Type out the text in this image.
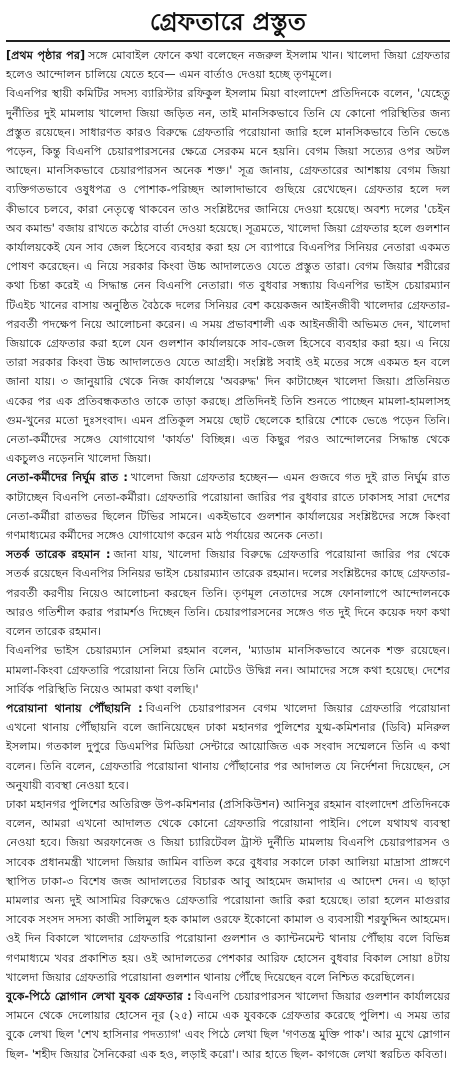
গ্রেফতারে প্রস্তুত

[প্রথম পৃষ্ঠার পর] সঙ্গে মোবাইল ফোনে কথা বলেছেন নজরুল ইসলাম খান। খালেদা জিয়া গ্রেফতার হলেও আন্দোলন চালিয়ে যেতে হবে— এমন বার্তাও দেওয়া হচ্ছে তৃণমূলে।

বিএনপির স্থায়ী কমিটির সদস্য ব্যারিস্টার রফিকুল ইসলাম মিয়া বাংলাদেশ প্রতিদিনকে বলেন, 'যেহেতু দুর্নীতির দুই মামলায় খালেদা জিয়া জড়িত নন, তাই মানসিকভাবে তিনি যে কোনো পরিস্থিতির জন্য প্রস্তুত রয়েছেন। সাধারণত কারও বিরুদ্ধে গ্রেফতারি পরোয়ানা জারি হলে মানসিকভাবে তিনি ভেঙে পড়েন, কিন্তু বিএনপি চেয়ারপারসনের ক্ষেত্রে সেরকম মনে হয়নি। বেগম জিয়া সত্যের ওপর অটল আছেন। মানসিকভাবে চেয়ারপারসন অনেক শক্ত।' সূত্র জানায়, গ্রেফতারের আশঙ্কায় বেগম জিয়া ব্যক্তিগতভাবে ওষুধপত্র ও পোশাক-পরিচ্ছদ আলাদাভাবে গুছিয়ে রেখেছেন। গ্রেফতার হলে দল কীভাবে চলবে, কারা নেতৃত্বে থাকবেন তাও সংশ্লিষ্টদের জানিয়ে দেওয়া হয়েছে। অবশ্য দলের 'চেইন অব কমান্ড' বজায় রাখতে কঠোর বার্তা দেওয়া হয়েছে। সূত্রমতে, খালেদা জিয়া গ্রেফতার হলে গুলশান কার্যালয়কেই যেন সাব জেল হিসেবে ব্যবহার করা হয় সে ব্যাপারে বিএনপির সিনিয়র নেতারা একমত পোষণ করেছেন। এ নিয়ে সরকার কিংবা উচ্চ আদালতেও যেতে প্রস্তুত তারা। বেগম জিয়ার শরীরের কথা চিন্তা করেই এ সিদ্ধান্ত নেন বিএনপি নেতারা। গত বুধবার সন্ধ্যায় বিএনপির ভাইস চেয়ারম্যান টিএইচ খানের বাসায় অনুষ্ঠিত বৈঠকে দলের সিনিয়র বেশ কয়েকজন আইনজীবী খালেদার গ্রেফতার-পরবর্তী পদক্ষেপ নিয়ে আলোচনা করেন। এ সময় প্রভাবশালী এক আইনজীবী অভিমত দেন, খালেদা জিয়াকে গ্রেফতার করা হলে যেন গুলশান কার্যালয়কে সাব-জেল হিসেবে ব্যবহার করা হয়। এ নিয়ে তারা সরকার কিংবা উচ্চ আদালতেও যেতে আগ্রহী। সংশ্লিষ্ট সবাই ওই মতের সঙ্গে একমত হন বলে জানা যায়। ৩ জানুয়ারি থেকে নিজ কার্যালয়ে 'অবরুদ্ধ' দিন কাটাচ্ছেন খালেদা জিয়া। প্রতিনিয়ত একের পর এক প্রতিবন্ধকতাও তাকে তাড়া করছে। প্রতিদিনই তিনি শুনতে পাচ্ছেন মামলা-হামলাসহ গুম-খুনের মতো দুঃসংবাদ। এমন প্রতিকূল সময়ে ছোট ছেলেকে হারিয়ে শোকে ভেঙে পড়েন তিনি। নেতা-কর্মীদের সঙ্গেও যোগাযোগ 'কার্যত' বিচ্ছিন্ন। এত কিছুর পরও আন্দোলনের সিদ্ধান্ত থেকে একচুলও নড়েননি খালেদা জিয়া।

নেতা-কর্মীদের নির্ঘুম রাত : খালেদা জিয়া গ্রেফতার হচ্ছেন— এমন গুজবে গত দুই রাত নির্ঘুম রাত কাটাচ্ছেন বিএনপি নেতা-কর্মীরা। গ্রেফতারি পরোয়ানা জারির পর বুধবার রাতে ঢাকাসহ সারা দেশের নেতা-কর্মীরা রাতভর ছিলেন টিভির সামনে। একইভাবে গুলশান কার্যালয়ের সংশ্লিষ্টদের সঙ্গে কিংবা গণমাধ্যমের কর্মীদের সঙ্গেও যোগাযোগ করেন মাঠ পর্যায়ের অনেক নেতা।

সতর্ক তারেক রহমান : জানা যায়, খালেদা জিয়ার বিরুদ্ধে গ্রেফতারি পরোয়ানা জারির পর থেকে সতর্ক রয়েছেন বিএনপির সিনিয়র ভাইস চেয়ারম্যান তারেক রহমান। দলের সংশ্লিষ্টদের কাছে গ্রেফতার-পরবর্তী করণীয় নিয়েও আলোচনা করছেন তিনি। তৃণমূল নেতাদের সঙ্গে ফোনালাপে আন্দোলনকে আরও গতিশীল করার পরামর্শও দিচ্ছেন তিনি। চেয়ারপারসনের সঙ্গেও গত দুই দিনে কয়েক দফা কথা বলেন তারেক রহমান।

বিএনপির ভাইস চেয়ারম্যান সেলিমা রহমান বলেন, 'ম্যাডাম মানসিকভাবে অনেক শক্ত রয়েছেন। মামলা-কিংবা গ্রেফতারি পরোয়ানা নিয়ে তিনি মোটেও উদ্বিগ্ন নন। আমাদের সঙ্গে কথা হয়েছে। দেশের সার্বিক পরিস্থিতি নিয়েও আমরা কথা বলছি।'

পরোয়ানা থানায় পৌঁছায়নি : বিএনপি চেয়ারপারসন বেগম খালেদা জিয়ার গ্রেফতারি পরোয়ানা এখনো থানায় পৌঁছায়নি বলে জানিয়েছেন ঢাকা মহানগর পুলিশের যুগ্ম-কমিশনার (ডিবি) মনিরুল ইসলাম। গতকাল দুপুরে ডিএমপির মিডিয়া সেন্টারে আয়োজিত এক সংবাদ সম্মেলনে তিনি এ কথা বলেন। তিনি বলেন, গ্রেফতারি পরোয়ানা থানায় পৌঁছানোর পর আদালত যে নির্দেশনা দিয়েছেন, সে অনুযায়ী ব্যবস্থা নেওয়া হবে।

ঢাকা মহানগর পুলিশের অতিরিক্ত উপ-কমিশনার (প্রসিকিউশন) আনিসুর রহমান বাংলাদেশ প্রতিদিনকে বলেন, আমরা এখনো আদালত থেকে কোনো গ্রেফতারি পরোয়ানা পাইনি। পেলে যথাযথ ব্যবস্থা নেওয়া হবে। জিয়া অরফানেজ ও জিয়া চ্যারিটেবল ট্রাস্ট দুর্নীতি মামলায় বিএনপি চেয়ারপারসন ও সাবেক প্রধানমন্ত্রী খালেদা জিয়ার জামিন বাতিল করে বুধবার সকালে ঢাকা আলিয়া মাদ্রাসা প্রাঙ্গণে স্থাপিত ঢাকা-৩ বিশেষ জজ আদালতের বিচারক আবু আহমেদ জমাদার এ আদেশ দেন। এ ছাড়া মামলার অন্য দুই আসামির বিরুদ্ধেও গ্রেফতারি পরোয়ানা জারি করা হয়েছে। তারা হলেন মাগুরার সাবেক সংসদ সদস্য কাজী সালিমুল হক কামাল ওরফে ইকোনো কামাল ও ব্যবসায়ী শরফুদ্দিন আহমেদ। ওই দিন বিকালে খালেদার গ্রেফতারি পরোয়ানা গুলশান ও ক্যান্টনমেন্ট থানায় পৌঁছায় বলে বিভিন্ন গণমাধ্যমে খবর প্রকাশিত হয়। ওই আদালতের পেশকার আরিফ হোসেন বুধবার বিকাল সোয়া ৪টায় খালেদা জিয়ার গ্রেফতারি পরোয়ানা গুলশান থানায় পৌঁছে দিয়েছেন বলে নিশ্চিত করেছিলেন।

বুকে-পিঠে স্লোগান লেখা যুবক গ্রেফতার : বিএনপি চেয়ারপারসন খালেদা জিয়ার গুলশান কার্যালয়ের সামনে থেকে দেলোয়ার হোসেন নূর (২৫) নামে এক যুবককে গ্রেফতার করেছে পুলিশ। এ সময় তার বুকে লেখা ছিল 'শেখ হাসিনার পদত্যাগ' এবং পিঠে লেখা ছিল 'গণতন্ত্র মুক্তি পাক'। আর মুখে স্লোগান ছিল- 'শহীদ জিয়ার সৈনিকেরা এক হও, লড়াই করো'। আর হাতে ছিল- কাগজে লেখা স্বরচিত কবিতা।
